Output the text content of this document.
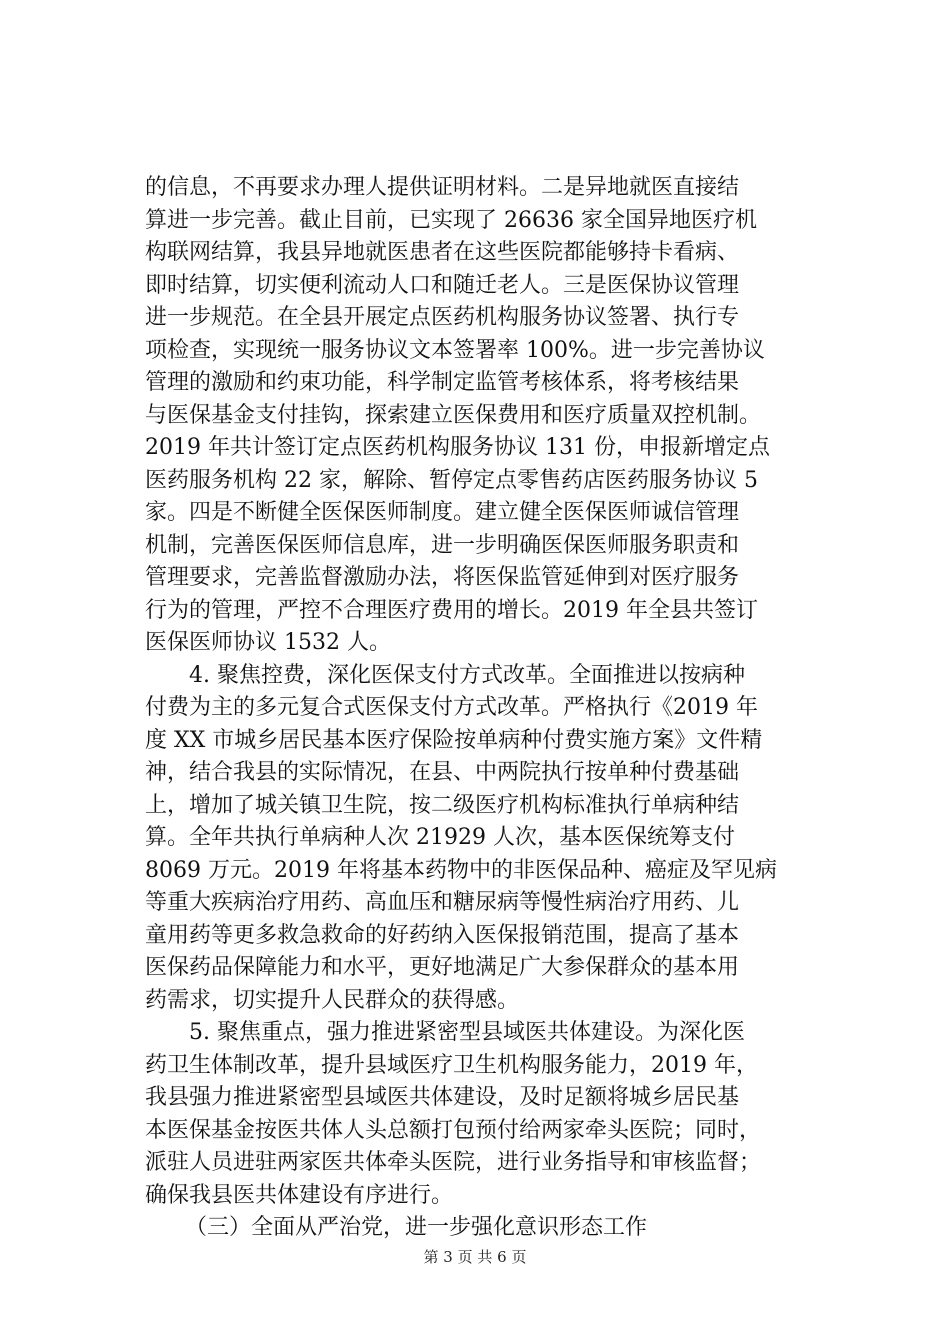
的信息，不再要求办理人提供证明材料。二是异地就医直接结
算进一步完善。截止目前，已实现了 26636 家全国异地医疗机
构联网结算，我县异地就医患者在这些医院都能够持卡看病、
即时结算，切实便利流动人口和随迁老人。三是医保协议管理
进一步规范。在全县开展定点医药机构服务协议签署、执行专
项检查，实现统一服务协议文本签署率 100%。进一步完善协议
管理的激励和约束功能，科学制定监管考核体系，将考核结果
与医保基金支付挂钩，探索建立医保费用和医疗质量双控机制。
2019 年共计签订定点医药机构服务协议 131 份，申报新增定点
医药服务机构 22 家，解除、暂停定点零售药店医药服务协议 5
家。四是不断健全医保医师制度。建立健全医保医师诚信管理
机制，完善医保医师信息库，进一步明确医保医师服务职责和
管理要求，完善监督激励办法，将医保监管延伸到对医疗服务
行为的管理，严控不合理医疗费用的增长。2019 年全县共签订
医保医师协议 1532 人。
4. 聚焦控费，深化医保支付方式改革。全面推进以按病种
付费为主的多元复合式医保支付方式改革。严格执行《2019 年
度 XX 市城乡居民基本医疗保险按单病种付费实施方案》文件精
神，结合我县的实际情况，在县、中两院执行按单种付费基础
上，增加了城关镇卫生院，按二级医疗机构标准执行单病种结
算。全年共执行单病种人次 21929 人次，基本医保统筹支付
8069 万元。2019 年将基本药物中的非医保品种、癌症及罕见病
等重大疾病治疗用药、高血压和糖尿病等慢性病治疗用药、儿
童用药等更多救急救命的好药纳入医保报销范围，提高了基本
医保药品保障能力和水平，更好地满足广大参保群众的基本用
药需求，切实提升人民群众的获得感。
5. 聚焦重点，强力推进紧密型县域医共体建设。为深化医
药卫生体制改革，提升县域医疗卫生机构服务能力，2019 年，
我县强力推进紧密型县域医共体建设，及时足额将城乡居民基
本医保基金按医共体人头总额打包预付给两家牵头医院；同时，
派驻人员进驻两家医共体牵头医院，进行业务指导和审核监督；
确保我县医共体建设有序进行。
（三）全面从严治党，进一步强化意识形态工作
第 3 页 共 6 页
